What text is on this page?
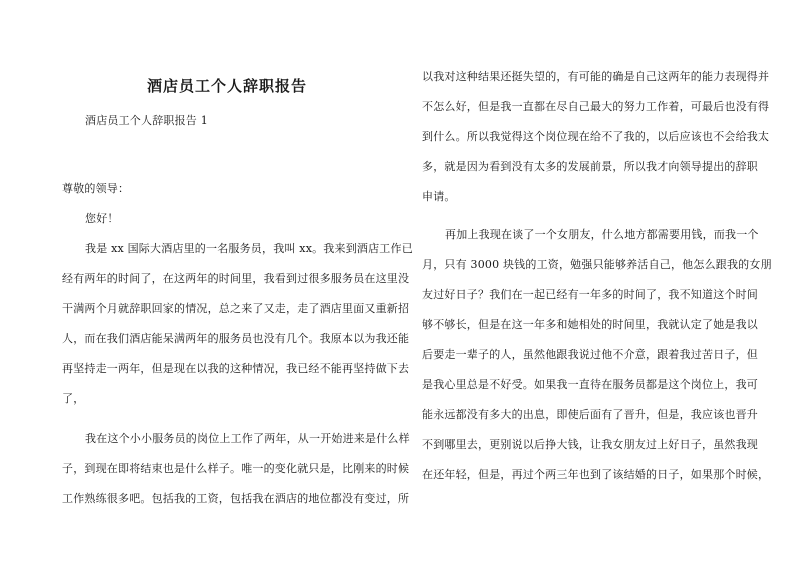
酒店员工个人辞职报告
酒店员工个人辞职报告 1
尊敬的领导：
您好！
我是 xx 国际大酒店里的一名服务员，我叫 xx。我来到酒店工作已
经有两年的时间了，在这两年的时间里，我看到过很多服务员在这里没
干满两个月就辞职回家的情况，总之来了又走，走了酒店里面又重新招
人，而在我们酒店能呆满两年的服务员也没有几个。我原本以为我还能
再坚持走一两年，但是现在以我的这种情况，我已经不能再坚持做下去
了，
我在这个小小服务员的岗位上工作了两年，从一开始进来是什么样
子，到现在即将结束也是什么样子。唯一的变化就只是，比刚来的时候
工作熟练很多吧。包括我的工资，包括我在酒店的地位都没有变过，所
以我对这种结果还挺失望的，有可能的确是自己这两年的能力表现得并
不怎么好，但是我一直都在尽自己最大的努力工作着，可最后也没有得
到什么。所以我觉得这个岗位现在给不了我的，以后应该也不会给我太
多，就是因为看到没有太多的发展前景，所以我才向领导提出的辞职
申请。
再加上我现在谈了一个女朋友，什么地方都需要用钱，而我一个
月，只有 3000 块钱的工资，勉强只能够养活自己，他怎么跟我的女朋
友过好日子？我们在一起已经有一年多的时间了，我不知道这个时间
够不够长，但是在这一年多和她相处的时间里，我就认定了她是我以
后要走一辈子的人，虽然他跟我说过他不介意，跟着我过苦日子，但
是我心里总是不好受。如果我一直待在服务员都是这个岗位上，我可
能永远都没有多大的出息，即使后面有了晋升，但是，我应该也晋升
不到哪里去，更别说以后挣大钱，让我女朋友过上好日子，虽然我现
在还年轻，但是，再过个两三年也到了该结婚的日子，如果那个时候，
